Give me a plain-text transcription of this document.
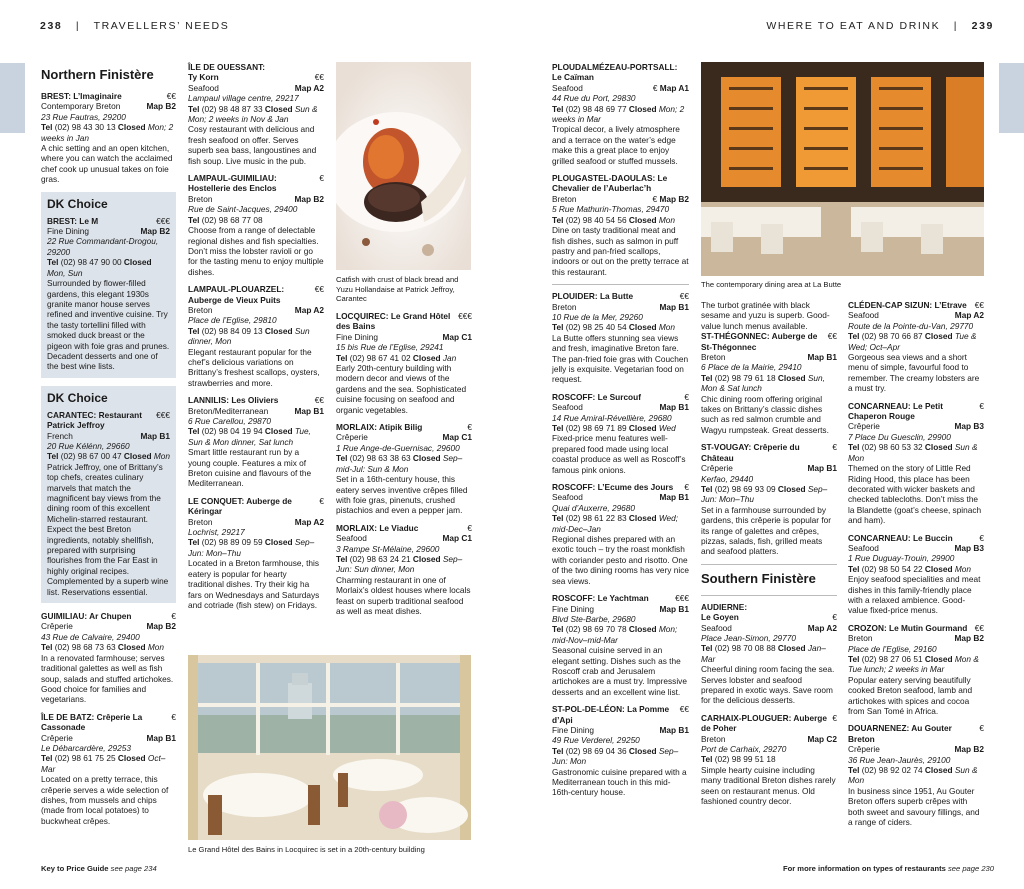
238 | TRAVELLERS’ NEEDS
Northern Finistère
BREST: L’Imaginaire	€€
Contemporary Breton	Map B2

23 Rue Fautras, 29200

Tel (02) 98 43 30 13 Closed Mon; 2 weeks in Jan

A chic setting and an open kitchen, where you can watch the acclaimed chef cook up unusual takes on foie gras.

DK Choice
BREST: Le M	€€€
Fine Dining	Map B2

22 Rue Commandant-Drogou, 29200

Tel (02) 98 47 90 00 Closed Mon, Sun

Surrounded by flower-filled gardens, this elegant 1930s granite manor house serves refined and inventive cuisine. Try the tasty tortellini filled with smoked duck breast or the pigeon with foie gras and prunes. Decadent desserts and one of the best wine lists.

DK Choice
CARANTEC: Restaurant Patrick Jeffroy
€€€
French	Map B1

20 Rue Kélénn, 29660

Tel (02) 98 67 00 47 Closed Mon

Patrick Jeffroy, one of Brittany’s top chefs, creates culinary marvels that match the magnificent bay views from the dining room of this excellent Michelin-starred restaurant. Expect the best Breton ingredients, notably shellfish, prepared with surprising flourishes from the Far East in highly original recipes. Complemented by a superb wine list. Reservations essential.

GUIMILIAU: Ar Chupen	€
Crêperie	Map B2

43 Rue de Calvaire, 29400

Tel (02) 98 68 73 63 Closed Mon

In a renovated farmhouse; serves traditional galettes as well as fish soup, salads and stuffed artichokes. Good choice for families and vegetarians.

ÎLE DE BATZ: Crêperie La Cassonade
€
Crêperie	Map B1

Le Débarcardère, 29253

Tel (02) 98 61 75 25 Closed Oct–Mar

Located on a pretty terrace, this crêperie serves a wide selection of dishes, from mussels and chips (made from local potatoes) to buckwheat crêpes.

ÎLE DE OUESSANT:

Ty Korn	€€
Seafood	Map A2

Lampaul village centre, 29217

Tel (02) 98 48 87 33 Closed Sun & Mon; 2 weeks in Nov & Jan

Cosy restaurant with delicious and fresh seafood on offer. Serves superb sea bass, langoustines and fish soup. Live music in the pub.

LAMPAUL-GUIMILIAU: Hostellerie des Enclos
€
Breton	Map B2

Rue de Saint-Jacques, 29400

Tel (02) 98 68 77 08

Choose from a range of delectable regional dishes and fish specialties. Don’t miss the lobster ravioli or go for the tasting menu to enjoy multiple dishes.

LAMPAUL-PLOUARZEL: Auberge de Vieux Puits
€€
Breton	Map A2

Place de l’Eglise, 29810

Tel (02) 98 84 09 13 Closed Sun dinner, Mon

Elegant restaurant popular for the chef’s delicious variations on Brittany’s freshest scallops, oysters, strawberries and more.

LANNILIS: Les Oliviers	€€
Breton/Mediterranean	Map B1

6 Rue Carellou, 29870

Tel (02) 98 04 19 94 Closed Tue, Sun & Mon dinner, Sat lunch

Smart little restaurant run by a young couple. Features a mix of Breton cuisine and flavours of the Mediterranean.

LE CONQUET: Auberge de Kéringar
€
Breton	Map A2

Lochrist, 29217

Tel (02) 98 89 09 59 Closed Sep–Jun: Mon–Thu

Located in a Breton farmhouse, this eatery is popular for hearty traditional dishes. Try their kig ha fars on Wednesdays and Saturdays and cotriade (fish stew) on Fridays.

Catfish with crust of black bread and Yuzu Hollandaise at Patrick Jeffroy, Carantec
LOCQUIREC: Le Grand Hôtel des Bains
€€€
Fine Dining	Map C1

15 bis Rue de l’Eglise, 29241

Tel (02) 98 67 41 02 Closed Jan

Early 20th-century building with modern decor and views of the gardens and the sea. Sophisticated cuisine focusing on seafood and organic vegetables.

MORLAIX: Atipik Bilig	€
Crêperie	Map C1

1 Rue Ange-de-Guernisac, 29600

Tel (02) 98 63 38 63 Closed Sep–mid-Jul: Sun & Mon

Set in a 16th-century house, this eatery serves inventive crêpes filled with foie gras, pinenuts, crushed pistachios and even a pepper jam.

MORLAIX: Le Viaduc	€
Seafood	Map C1

3 Rampe St-Mélaine, 29600

Tel (02) 98 63 24 21 Closed Sep–Jun: Sun dinner, Mon

Charming restaurant in one of Morlaix’s oldest houses where locals feast on superb traditional seafood as well as meat dishes.

Le Grand Hôtel des Bains in Locquirec is set in a 20th-century building
Key to Price Guide see page 234
WHERE TO EAT AND DRINK | 239

PLOUDALMÉZEAU-PORTSALL: Le Caïman

Seafood	€ Map A1

44 Rue du Port, 29830

Tel (02) 98 48 69 77 Closed Mon; 2 weeks in Mar

Tropical decor, a lively atmosphere and a terrace on the water’s edge make this a great place to enjoy grilled seafood or stuffed mussels.

PLOUGASTEL-DAOULAS: Le Chevalier de l’Auberlac’h

Breton	€ Map B2

5 Rue Mathurin-Thomas, 29470

Tel (02) 98 40 54 56 Closed Mon

Dine on tasty traditional meat and fish dishes, such as salmon in puff pastry and pan-fried scallops, indoors or out on the pretty terrace at this restaurant.

PLOUIDER: La Butte	€€
Breton	Map B1

10 Rue de la Mer, 29260

Tel (02) 98 25 40 54 Closed Mon

La Butte offers stunning sea views and fresh, imaginative Breton fare. The pan-fried foie gras with Couchen jelly is exquisite. Vegetarian food on request.

ROSCOFF: Le Surcouf	€
Seafood	Map B1

14 Rue Amiral-Révellière, 29680

Tel (02) 98 69 71 89 Closed Wed

Fixed-price menu features well-prepared food made using local coastal produce as well as Roscoff’s famous pink onions.

ROSCOFF: L’Ecume des Jours	€
Seafood	Map B1

Quai d’Auxerre, 29680

Tel (02) 98 61 22 83 Closed Wed; mid-Dec–Jan

Regional dishes prepared with an exotic touch – try the roast monkfish with coriander pesto and risotto. One of the two dining rooms has very nice sea views.

ROSCOFF: Le Yachtman	€€€
Fine Dining	Map B1

Blvd Ste-Barbe, 29680

Tel (02) 98 69 70 78 Closed Mon; mid-Nov–mid-Mar

Seasonal cuisine served in an elegant setting. Dishes such as the Roscoff crab and Jerusalem artichokes are a must try. Impressive desserts and an excellent wine list.

ST-POL-DE-LÉON: La Pomme d’Api
€€
Fine Dining	Map B1

49 Rue Verderel, 29250

Tel (02) 98 69 04 36 Closed Sep–Jun: Mon

Gastronomic cuisine prepared with a Mediterranean touch in this mid-16th-century house.

The contemporary dining area at La Butte

The turbot gratinée with black sesame and yuzu is superb. Good-value lunch menus available.

ST-THÉGONNEC: Auberge de St-Thégonnec
€€
Breton	Map B1

6 Place de la Mairie, 29410

Tel (02) 98 79 61 18 Closed Sun, Mon & Sat lunch

Chic dining room offering original takes on Brittany’s classic dishes such as red salmon crumble and Wagyu rumpsteak. Great desserts.

ST-VOUGAY: Crêperie du Château
€
Crêperie	Map B1

Kerfao, 29440

Tel (02) 98 69 93 09 Closed Sep–Jun: Mon–Thu

Set in a farmhouse surrounded by gardens, this crêperie is popular for its range of galettes and crêpes, pizzas, salads, fish, grilled meats and seafood platters.

Southern Finistère

AUDIERNE:

Le Goyen	€
Seafood	Map A2

Place Jean-Simon, 29770

Tel (02) 98 70 08 88 Closed Jan–Mar

Cheerful dining room facing the sea. Serves lobster and seafood prepared in exotic ways. Save room for the delicious desserts.

CARHAIX-PLOUGUER: Auberge de Poher
€
Breton	Map C2

Port de Carhaix, 29270

Tel (02) 98 99 51 18

Simple hearty cuisine including many traditional Breton dishes rarely seen on restaurant menus. Old fashioned country decor.

CLÉDEN-CAP SIZUN: L’Etrave €€
Seafood	Map A2

Route de la Pointe-du-Van, 29770

Tel (02) 98 70 66 87 Closed Tue & Wed; Oct–Apr

Gorgeous sea views and a short menu of simple, favourful food to remember. The creamy lobsters are a must try.

CONCARNEAU: Le Petit Chaperon Rouge
€
Crêperie	Map B3

7 Place Du Guesclin, 29900

Tel (02) 98 60 53 32 Closed Sun & Mon

Themed on the story of Little Red Riding Hood, this place has been decorated with wicker baskets and checked tablecloths. Don’t miss the la Blandette (goat’s cheese, spinach and ham).

CONCARNEAU: Le Buccin	€
Seafood	Map B3

1 Rue Duguay-Trouin, 29900

Tel (02) 98 50 54 22 Closed Mon

Enjoy seafood specialities and meat dishes in this family-friendly place with a relaxed ambience. Good-value fixed-price menus.

CROZON: Le Mutin Gourmand €€
Breton	Map B2

Place de l’Eglise, 29160

Tel (02) 98 27 06 51 Closed Mon & Tue lunch; 2 weeks in Mar

Popular eatery serving beautifully cooked Breton seafood, lamb and artichokes with spices and cocoa from San Tomé in Africa.

DOUARNENEZ: Au Gouter Breton
€
Crêperie	Map B2

36 Rue Jean-Jaurès, 29100

Tel (02) 98 92 02 74 Closed Sun & Mon

In business since 1951, Au Gouter Breton offers superb crêpes with both sweet and savoury fillings, and a range of ciders.

For more information on types of restaurants see page 230
